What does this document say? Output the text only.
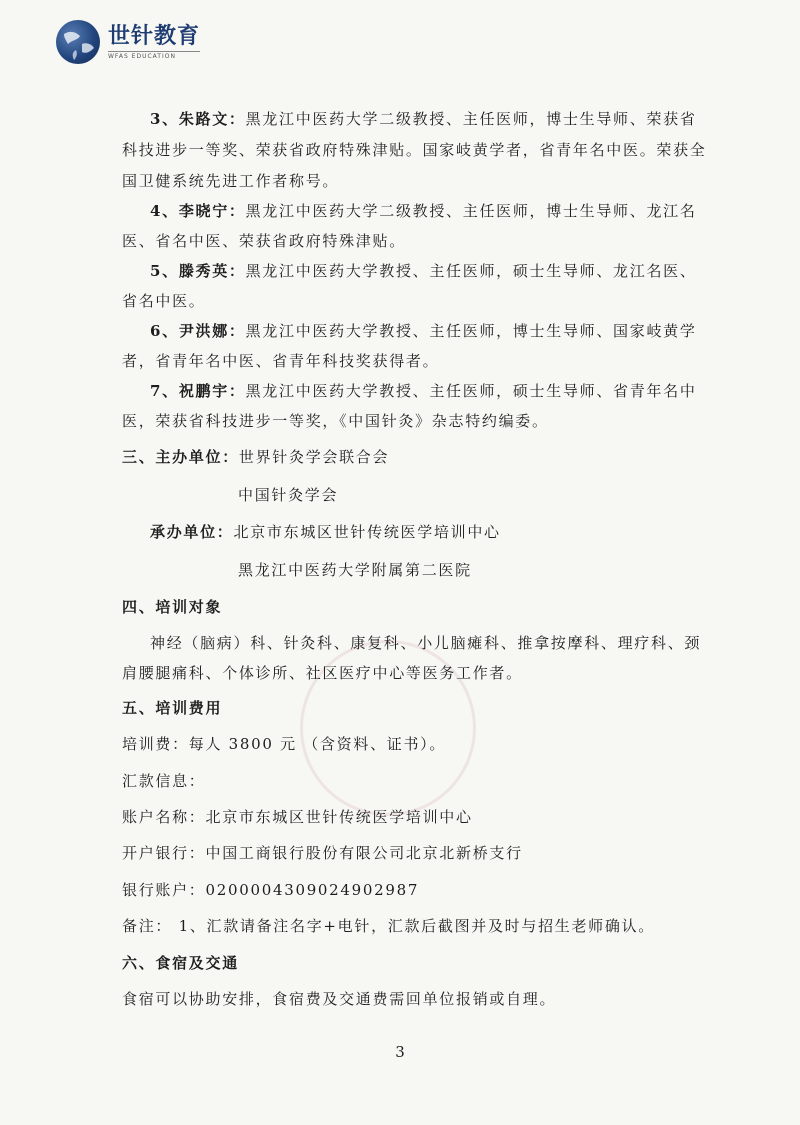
世针教育
WFAS EDUCATION
3、朱路文：黑龙江中医药大学二级教授、主任医师，博士生导师、荣获省
科技进步一等奖、荣获省政府特殊津贴。国家岐黄学者，省青年名中医。荣获全
国卫健系统先进工作者称号。
4、李晓宁：黑龙江中医药大学二级教授、主任医师，博士生导师、龙江名
医、省名中医、荣获省政府特殊津贴。
5、滕秀英：黑龙江中医药大学教授、主任医师，硕士生导师、龙江名医、
省名中医。
6、尹洪娜：黑龙江中医药大学教授、主任医师，博士生导师、国家岐黄学
者，省青年名中医、省青年科技奖获得者。
7、祝鹏宇：黑龙江中医药大学教授、主任医师，硕士生导师、省青年名中
医，荣获省科技进步一等奖，《中国针灸》杂志特约编委。
三、主办单位：世界针灸学会联合会
中国针灸学会
承办单位：北京市东城区世针传统医学培训中心
黑龙江中医药大学附属第二医院
四、培训对象
神经（脑病）科、针灸科、康复科、小儿脑瘫科、推拿按摩科、理疗科、颈
肩腰腿痛科、个体诊所、社区医疗中心等医务工作者。
五、培训费用
培训费：每人 3800 元 （含资料、证书）。
汇款信息：
账户名称：北京市东城区世针传统医学培训中心
开户银行：中国工商银行股份有限公司北京北新桥支行
银行账户：0200004309024902987
备注： 1、汇款请备注名字+电针，汇款后截图并及时与招生老师确认。
六、食宿及交通
食宿可以协助安排，食宿费及交通费需回单位报销或自理。
3
